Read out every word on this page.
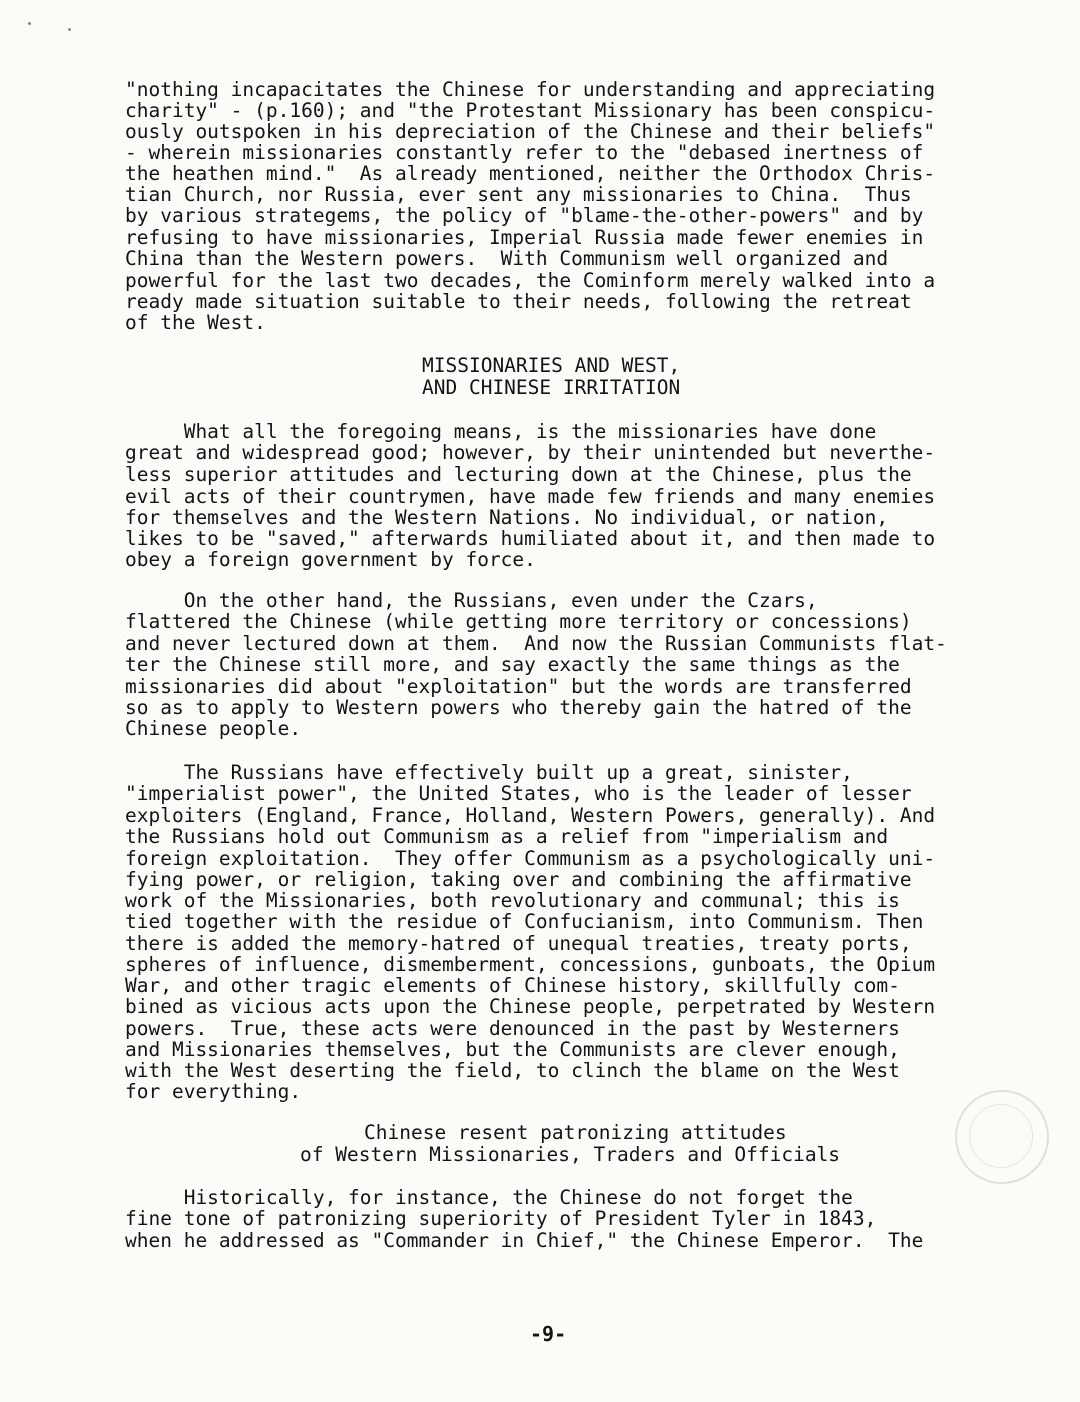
"nothing incapacitates the Chinese for understanding and appreciating
charity" - (p.160); and "the Protestant Missionary has been conspicu-
ously outspoken in his depreciation of the Chinese and their beliefs"
- wherein missionaries constantly refer to the "debased inertness of
the heathen mind."  As already mentioned, neither the Orthodox Chris-
tian Church, nor Russia, ever sent any missionaries to China.  Thus
by various strategems, the policy of "blame-the-other-powers" and by
refusing to have missionaries, Imperial Russia made fewer enemies in
China than the Western powers.  With Communism well organized and
powerful for the last two decades, the Cominform merely walked into a
ready made situation suitable to their needs, following the retreat
of the West.
MISSIONARIES AND WEST,
AND CHINESE IRRITATION
What all the foregoing means, is the missionaries have done
great and widespread good; however, by their unintended but neverthe-
less superior attitudes and lecturing down at the Chinese, plus the
evil acts of their countrymen, have made few friends and many enemies
for themselves and the Western Nations. No individual, or nation,
likes to be "saved," afterwards humiliated about it, and then made to
obey a foreign government by force.
On the other hand, the Russians, even under the Czars,
flattered the Chinese (while getting more territory or concessions)
and never lectured down at them.  And now the Russian Communists flat-
ter the Chinese still more, and say exactly the same things as the
missionaries did about "exploitation" but the words are transferred
so as to apply to Western powers who thereby gain the hatred of the
Chinese people.
The Russians have effectively built up a great, sinister,
"imperialist power", the United States, who is the leader of lesser
exploiters (England, France, Holland, Western Powers, generally). And
the Russians hold out Communism as a relief from "imperialism and
foreign exploitation.  They offer Communism as a psychologically uni-
fying power, or religion, taking over and combining the affirmative
work of the Missionaries, both revolutionary and communal; this is
tied together with the residue of Confucianism, into Communism. Then
there is added the memory-hatred of unequal treaties, treaty ports,
spheres of influence, dismemberment, concessions, gunboats, the Opium
War, and other tragic elements of Chinese history, skillfully com-
bined as vicious acts upon the Chinese people, perpetrated by Western
powers.  True, these acts were denounced in the past by Westerners
and Missionaries themselves, but the Communists are clever enough,
with the West deserting the field, to clinch the blame on the West
for everything.
Chinese resent patronizing attitudes
of Western Missionaries, Traders and Officials
Historically, for instance, the Chinese do not forget the
fine tone of patronizing superiority of President Tyler in 1843,
when he addressed as "Commander in Chief," the Chinese Emperor.  The
-9-
